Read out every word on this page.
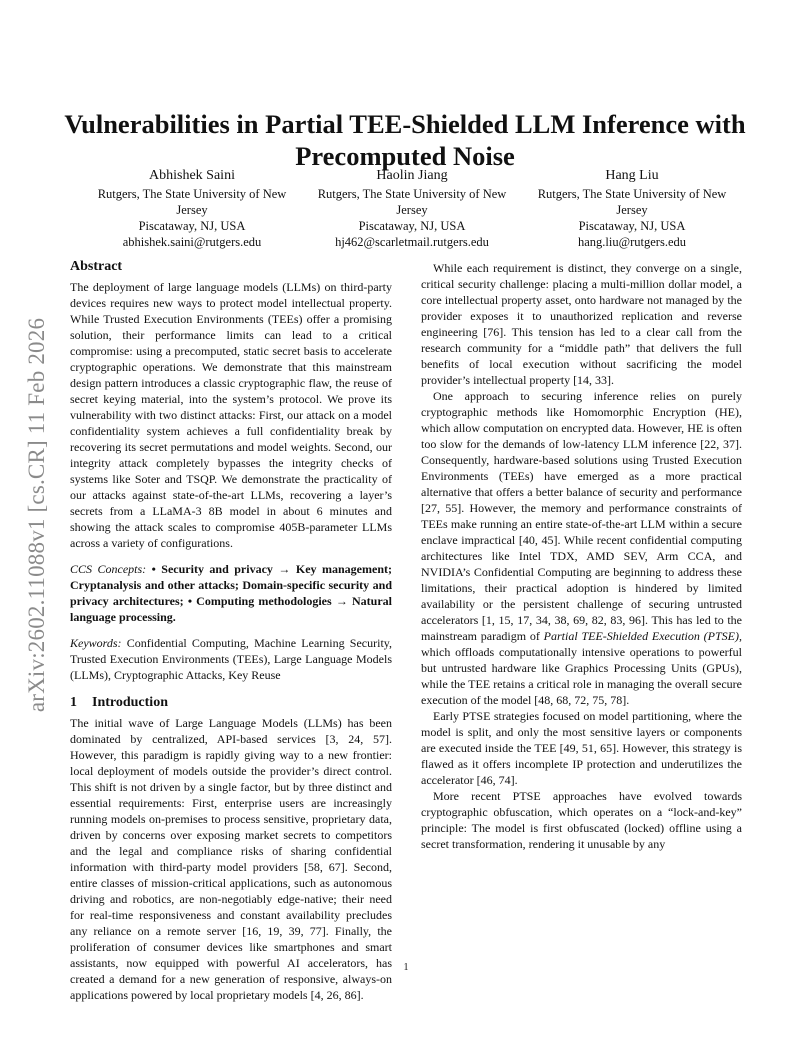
arXiv:2602.11088v1 [cs.CR] 11 Feb 2026
Vulnerabilities in Partial TEE-Shielded LLM Inference with Precomputed Noise
Abhishek Saini
Rutgers, The State University of New Jersey
Piscataway, NJ, USA
abhishek.saini@rutgers.edu
Haolin Jiang
Rutgers, The State University of New Jersey
Piscataway, NJ, USA
hj462@scarletmail.rutgers.edu
Hang Liu
Rutgers, The State University of New Jersey
Piscataway, NJ, USA
hang.liu@rutgers.edu
Abstract

The deployment of large language models (LLMs) on third-party devices requires new ways to protect model intellectual property. While Trusted Execution Environments (TEEs) offer a promising solution, their performance limits can lead to a critical compromise: using a precomputed, static secret basis to accelerate cryptographic operations. We demonstrate that this mainstream design pattern introduces a classic cryptographic flaw, the reuse of secret keying material, into the system’s protocol. We prove its vulnerability with two distinct attacks: First, our attack on a model confidentiality system achieves a full confidentiality break by recovering its secret permutations and model weights. Second, our integrity attack completely bypasses the integrity checks of systems like Soter and TSQP. We demonstrate the practicality of our attacks against state-of-the-art LLMs, recovering a layer’s secrets from a LLaMA-3 8B model in about 6 minutes and showing the attack scales to compromise 405B-parameter LLMs across a variety of configurations.

CCS Concepts: • Security and privacy → Key management; Cryptanalysis and other attacks; Domain-specific security and privacy architectures; • Computing methodologies → Natural language processing.

Keywords: Confidential Computing, Machine Learning Security, Trusted Execution Environments (TEEs), Large Language Models (LLMs), Cryptographic Attacks, Key Reuse

1 Introduction

The initial wave of Large Language Models (LLMs) has been dominated by centralized, API-based services [3, 24, 57]. However, this paradigm is rapidly giving way to a new frontier: local deployment of models outside the provider’s direct control. This shift is not driven by a single factor, but by three distinct and essential requirements: First, enterprise users are increasingly running models on-premises to process sensitive, proprietary data, driven by concerns over exposing market secrets to competitors and the legal and compliance risks of sharing confidential information with third-party model providers [58, 67]. Second, entire classes of mission-critical applications, such as autonomous driving and robotics, are non-negotiably edge-native; their need for real-time responsiveness and constant availability precludes any reliance on a remote server [16, 19, 39, 77]. Finally, the proliferation of consumer devices like smartphones and smart assistants, now equipped with powerful AI accelerators, has created a demand for a new generation of responsive, always-on applications powered by local proprietary models [4, 26, 86].

While each requirement is distinct, they converge on a single, critical security challenge: placing a multi-million dollar model, a core intellectual property asset, onto hardware not managed by the provider exposes it to unauthorized replication and reverse engineering [76]. This tension has led to a clear call from the research community for a “middle path” that delivers the full benefits of local execution without sacrificing the model provider’s intellectual property [14, 33].

One approach to securing inference relies on purely cryptographic methods like Homomorphic Encryption (HE), which allow computation on encrypted data. However, HE is often too slow for the demands of low-latency LLM inference [22, 37]. Consequently, hardware-based solutions using Trusted Execution Environments (TEEs) have emerged as a more practical alternative that offers a better balance of security and performance [27, 55]. However, the memory and performance constraints of TEEs make running an entire state-of-the-art LLM within a secure enclave impractical [40, 45]. While recent confidential computing architectures like Intel TDX, AMD SEV, Arm CCA, and NVIDIA’s Confidential Computing are beginning to address these limitations, their practical adoption is hindered by limited availability or the persistent challenge of securing untrusted accelerators [1, 15, 17, 34, 38, 69, 82, 83, 96]. This has led to the mainstream paradigm of Partial TEE-Shielded Execution (PTSE), which offloads computationally intensive operations to powerful but untrusted hardware like Graphics Processing Units (GPUs), while the TEE retains a critical role in managing the overall secure execution of the model [48, 68, 72, 75, 78].

Early PTSE strategies focused on model partitioning, where the model is split, and only the most sensitive layers or components are executed inside the TEE [49, 51, 65]. However, this strategy is flawed as it offers incomplete IP protection and underutilizes the accelerator [46, 74].

More recent PTSE approaches have evolved towards cryptographic obfuscation, which operates on a “lock-and-key” principle: The model is first obfuscated (locked) offline using a secret transformation, rendering it unusable by any

1
